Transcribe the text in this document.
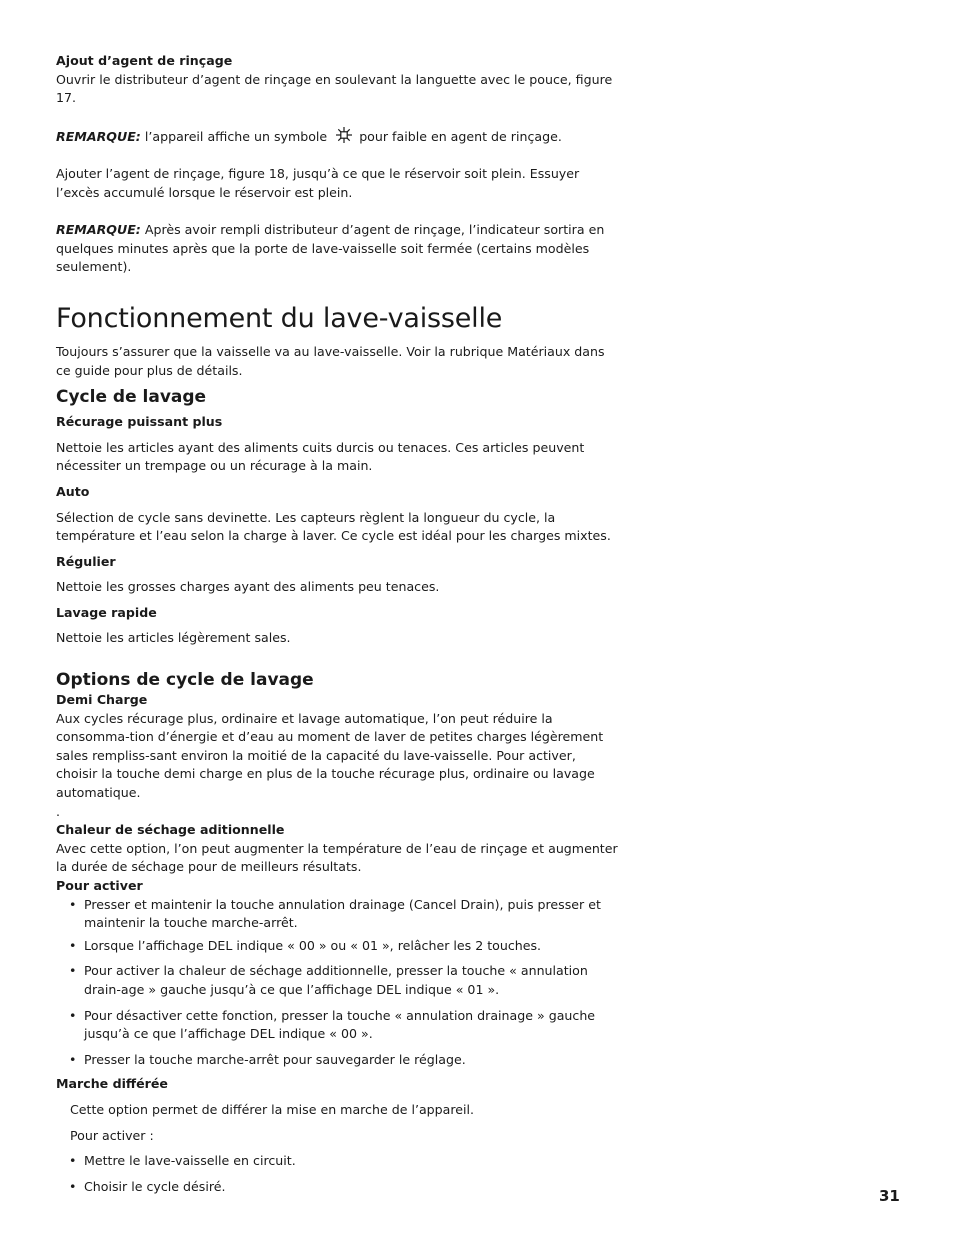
Ajout d’agent de rinçage

Ouvrir le distributeur d’agent de rinçage en soulevant la languette avec le pouce, figure 17.

REMARQUE: l’appareil affiche un symbole  pour faible en agent de rinçage.

Ajouter l’agent de rinçage, figure 18, jusqu’à ce que le réservoir soit plein. Essuyer l’excès accumulé lorsque le réservoir est plein.

REMARQUE: Après avoir rempli distributeur d’agent de rinçage, l’indicateur sortira en quelques minutes après que la porte de lave-vaisselle soit fermée (certains modèles seulement).

Fonctionnement du lave-vaisselle

Toujours s’assurer que la vaisselle va au lave-vaisselle. Voir la rubrique Matériaux dans ce guide pour plus de détails.

Cycle de lavage

Récurage puissant plus

Nettoie les articles ayant des aliments cuits durcis ou tenaces. Ces articles peuvent nécessiter un trempage ou un récurage à la main.

Auto

Sélection de cycle sans devinette. Les capteurs règlent la longueur du cycle, la température et l’eau selon la charge à laver. Ce cycle est idéal pour les charges mixtes.

Régulier

Nettoie les grosses charges ayant des aliments peu tenaces.

Lavage rapide

Nettoie les articles légèrement sales.

Options de cycle de lavage

Demi Charge

Aux cycles récurage plus, ordinaire et lavage automatique, l’on peut réduire la consomma-tion d’énergie et d’eau au moment de laver de petites charges légèrement sales rempliss-sant environ la moitié de la capacité du lave-vaisselle. Pour activer, choisir la touche demi charge en plus de la touche récurage plus, ordinaire ou lavage automatique.

.

Chaleur de séchage aditionnelle

Avec cette option, l’on peut augmenter la température de l’eau de rinçage et augmenter la durée de séchage pour de meilleurs résultats.

Pour activer

• Presser et maintenir la touche annulation drainage (Cancel Drain), puis presser et maintenir la touche marche-arrêt.
• Lorsque l’affichage DEL indique « 00 » ou « 01 », relâcher les 2 touches.
• Pour activer la chaleur de séchage additionnelle, presser la touche « annulation drain-age » gauche jusqu’à ce que l’affichage DEL indique « 01 ».
• Pour désactiver cette fonction, presser la touche « annulation drainage » gauche jusqu’à ce que l’affichage DEL indique « 00 ».
• Presser la touche marche-arrêt pour sauvegarder le réglage.

Marche différée

Cette option permet de différer la mise en marche de l’appareil.

Pour activer :

• Mettre le lave-vaisselle en circuit.
• Choisir le cycle désiré.
31
